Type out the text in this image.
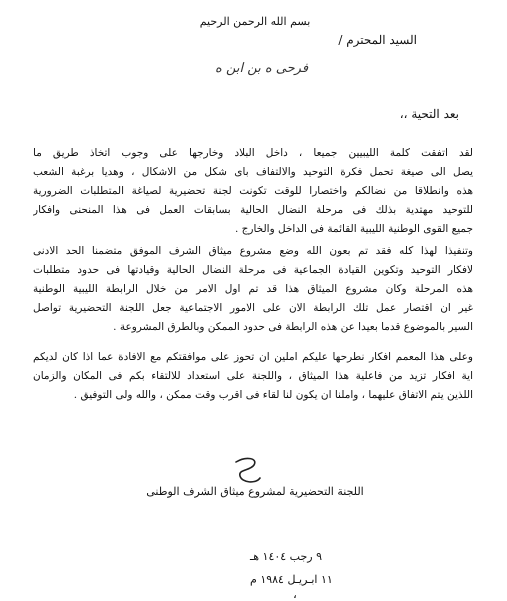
بسم الله الرحمن الرحيم
السيد المحترم /
فرحى ه بن ابن ه
بعد التحية ،،
لقد اتفقت كلمة الليبيين جميعا ، داخل البلاد وخارجها على وجوب اتخاذ طريق ما
يصل الى صيغة تحمل فكرة التوحيد والالتفاف بأى شكل من الاشكال ، وهديا برغبة الشعب
هذه وانطلاقا من نضالكم واختصارا للوقت تكونت لجنة تحضيرية لصياغة المتطلبات الضرورية
للتوحيد مهتدية بذلك فى مرحلة النضال الحالية بسابقات العمل فى هذا المنحنى وافكار
جميع القوى الوطنية الليبية القائمة فى الداخل والخارج .
وتنفيذا لهذا كله فقد تم بعون الله وضع مشروع ميثاق الشرف الموفق متضمنا الحد الادنى
لافكار التوحيد وتكوين القيادة الجماعية فى مرحلة النضال الحالية وقيادتها فى حدود متطلبات
هذه المرحلة وكان مشروع الميثاق هذا قد تم أول الامر من خلال الرابطة الليبية الوطنية
غير ان اقتصار عمل تلك الرابطة الآن على الامور الاجتماعية جعل اللجنة التحضيرية تواصل
السير بالموضوع قدما بعيدا عن هذه الرابطة فى حدود الممكن وبالطرق المشروعة .
وعلى هذا المعمم افكار نطرحها عليكم آملين ان تحوز على موافقتكم مع الافادة عما اذا كان لديكم
اية افكار تزيد من فاعلية هذا الميثاق ، واللجنة على استعداد للالتقاء بكم فى المكان والزمان
اللذين يتم الاتفاق عليهما ، واملنا ان يكون لنا لقاء فى أقرب وقت ممكن ، والله ولى التوفيق .
اللجنة التحضيرية لمشروع ميثاق الشرف الوطنى
٩ رجب ١٤٠٤ هـ
١١ ابـريـل ١٩٨٤ م
،
